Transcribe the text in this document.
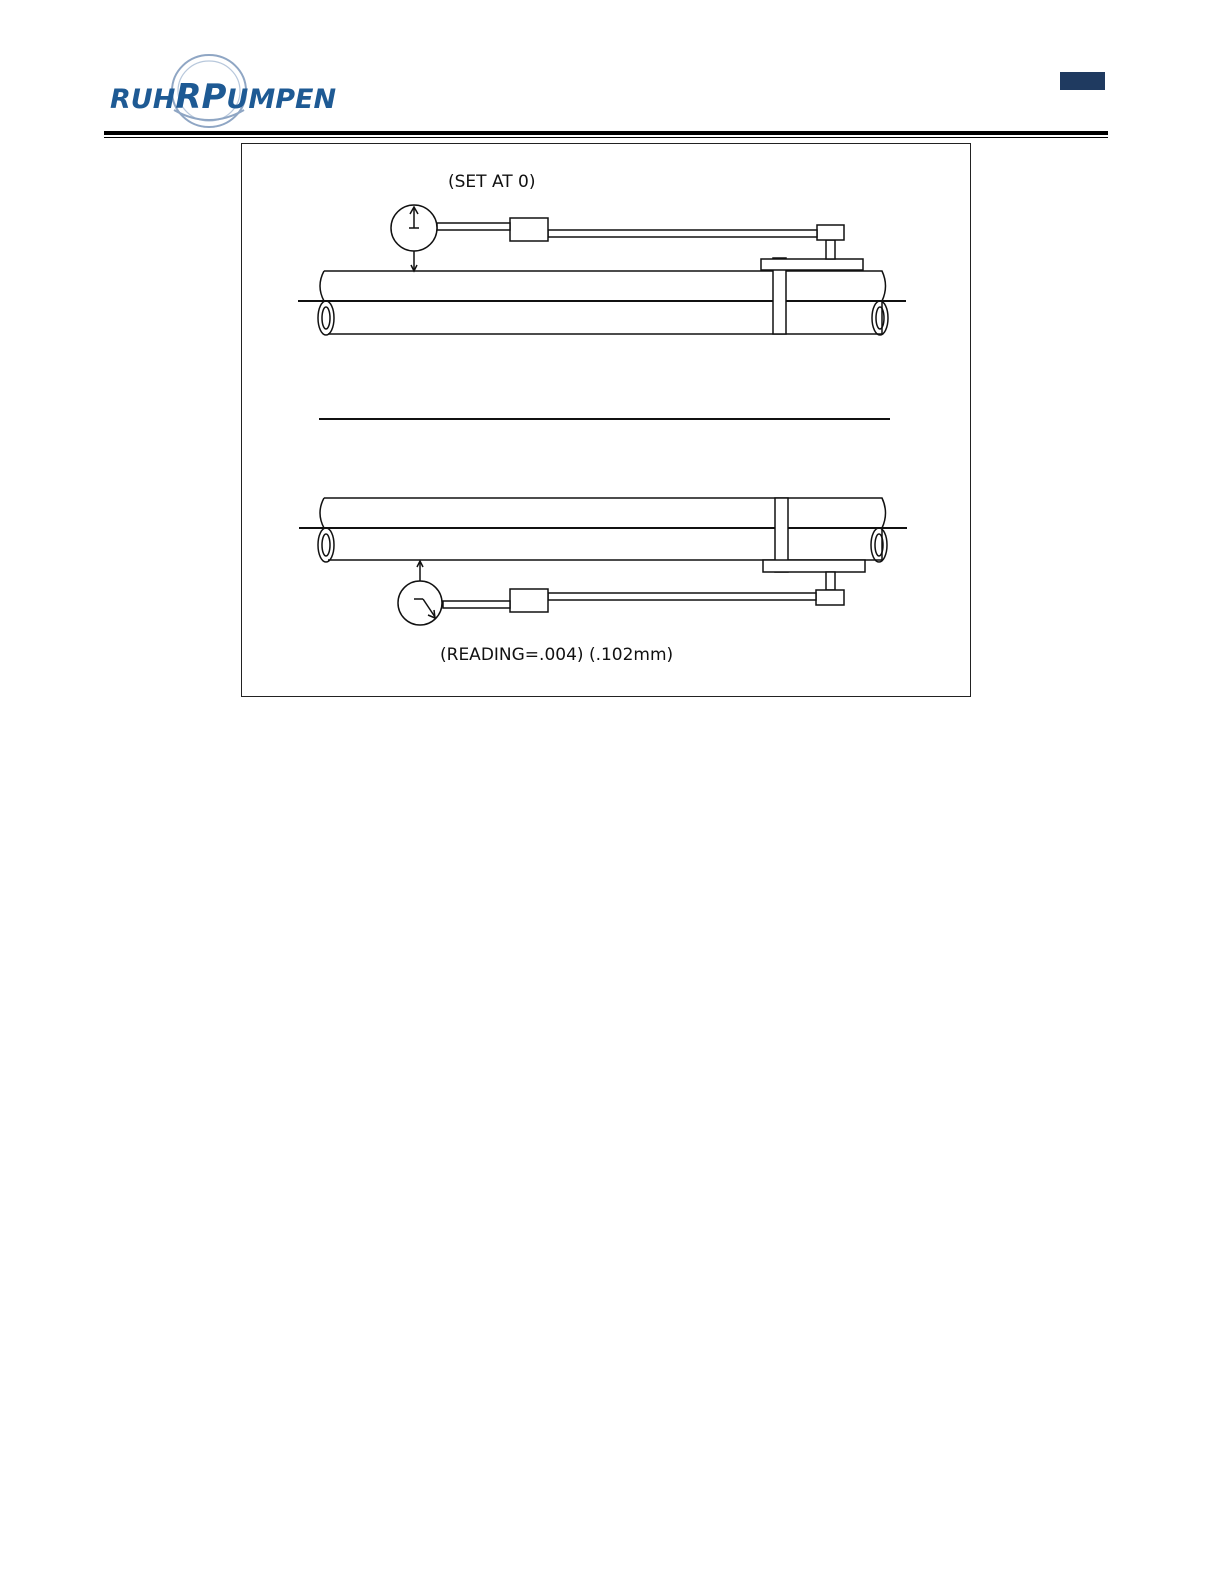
RUHRPUMPEN
(SET AT 0)
(READING=.004) (.102mm)
